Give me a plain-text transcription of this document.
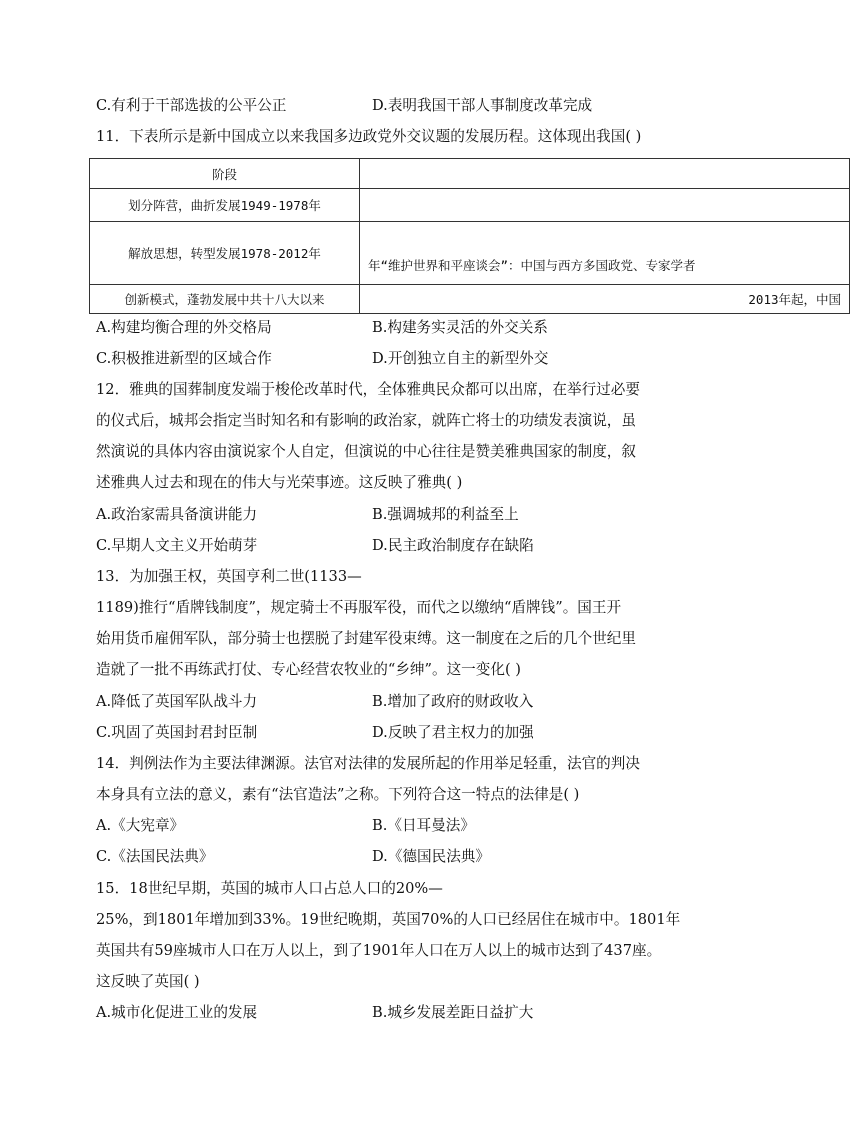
C.有利于干部选拔的公平公正	D.表明我国干部人事制度改革完成
11．下表所示是新中国成立以来我国多边政党外交议题的发展历程。这体现出我国( )
阶段	
划分阵营，曲折发展1949-1978年	
解放思想，转型发展1978-2012年	年“维护世界和平座谈会”：中国与西方多国政党、专家学者
创新模式，蓬勃发展中共十八大以来	2013年起，中国
A.构建均衡合理的外交格局	B.构建务实灵活的外交关系
C.积极推进新型的区域合作	D.开创独立自主的新型外交
12．雅典的国葬制度发端于梭伦改革时代，全体雅典民众都可以出席，在举行过必要
的仪式后，城邦会指定当时知名和有影响的政治家，就阵亡将士的功绩发表演说，虽
然演说的具体内容由演说家个人自定，但演说的中心往往是赞美雅典国家的制度，叙
述雅典人过去和现在的伟大与光荣事迹。这反映了雅典( )
A.政治家需具备演讲能力	B.强调城邦的利益至上
C.早期人文主义开始萌芽	D.民主政治制度存在缺陷
13．为加强王权，英国亨利二世(1133—
1189)推行“盾牌钱制度”，规定骑士不再服军役，而代之以缴纳“盾牌钱”。国王开
始用货币雇佣军队，部分骑士也摆脱了封建军役束缚。这一制度在之后的几个世纪里
造就了一批不再练武打仗、专心经营农牧业的“乡绅”。这一变化( )
A.降低了英国军队战斗力	B.增加了政府的财政收入
C.巩固了英国封君封臣制	D.反映了君主权力的加强
14．判例法作为主要法律渊源。法官对法律的发展所起的作用举足轻重，法官的判决
本身具有立法的意义，素有“法官造法”之称。下列符合这一特点的法律是( )
A.《大宪章》	B.《日耳曼法》
C.《法国民法典》	D.《德国民法典》
15．18世纪早期，英国的城市人口占总人口的20%—
25%，到1801年增加到33%。19世纪晚期，英国70%的人口已经居住在城市中。1801年
英国共有59座城市人口在万人以上，到了1901年人口在万人以上的城市达到了437座。
这反映了英国( )
A.城市化促进工业的发展	B.城乡发展差距日益扩大
